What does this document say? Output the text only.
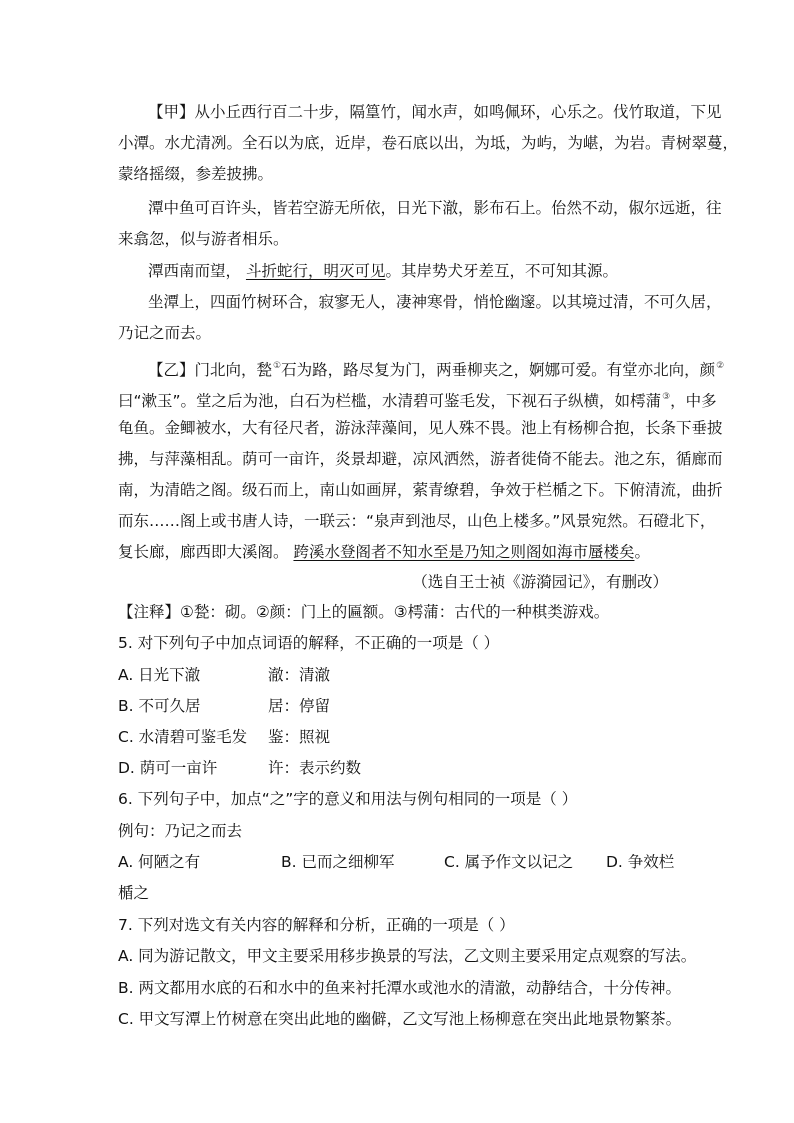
【甲】从小丘西行百二十步，隔篁竹，闻水声，如鸣佩环，心乐之。伐竹取道，下见
小潭。水尤清冽。全石以为底，近岸，卷石底以出，为坻，为屿，为嵁，为岩。青树翠蔓，
蒙络摇缀，参差披拂。
潭中鱼可百许头，皆若空游无所依，日光下澈，影布石上。佁然不动，俶尔远逝，往
来翕忽，似与游者相乐。
潭西南而望， 斗折蛇行，明灭可见。其岸势犬牙差互，不可知其源。
坐潭上，四面竹树环合，寂寥无人，凄神寒骨，悄怆幽邃。以其境过清，不可久居，
乃记之而去。
【乙】门北向，甃①石为路，路尽复为门，两垂柳夹之，婀娜可爱。有堂亦北向，颜②
曰“漱玉”。堂之后为池，白石为栏槛，水清碧可鉴毛发，下视石子纵横，如樗蒲③，中多
龟鱼。金鲫被水，大有径尺者，游泳萍藻间，见人殊不畏。池上有杨柳合抱，长条下垂披
拂，与萍藻相乱。荫可一亩许，炎景却避，凉风洒然，游者徙倚不能去。池之东，循廊而
南，为清皓之阁。级石而上，南山如画屏，萦青缭碧，争效于栏楯之下。下俯清流，曲折
而东……阁上或书唐人诗，一联云：“泉声到池尽，山色上楼多。”风景宛然。石磴北下，
复长廊，廊西即大溪阁。 跨溪水登阁者不知水至是乃知之则阁如海市蜃楼矣。
（选自王士祯《游漪园记》，有删改）
【注释】①甃：砌。②颜：门上的匾额。③樗蒲：古代的一种棋类游戏。
5. 对下列句子中加点词语的解释，不正确的一项是（ ）
A. 日光下澈	澈：清澈
B. 不可久居	居：停留
C. 水清碧可鉴毛发 鉴：照视
D. 荫可一亩许	许：表示约数
6. 下列句子中，加点“之”字的意义和用法与例句相同的一项是（ ）
例句：乃记之而去
A. 何陋之有	B. 已而之细柳军	C. 属予作文以记之 D. 争效栏
楯之
7. 下列对选文有关内容的解释和分析，正确的一项是（ ）
A. 同为游记散文，甲文主要采用移步换景的写法，乙文则主要采用定点观察的写法。
B. 两文都用水底的石和水中的鱼来衬托潭水或池水的清澈，动静结合，十分传神。
C. 甲文写潭上竹树意在突出此地的幽僻，乙文写池上杨柳意在突出此地景物繁茶。
